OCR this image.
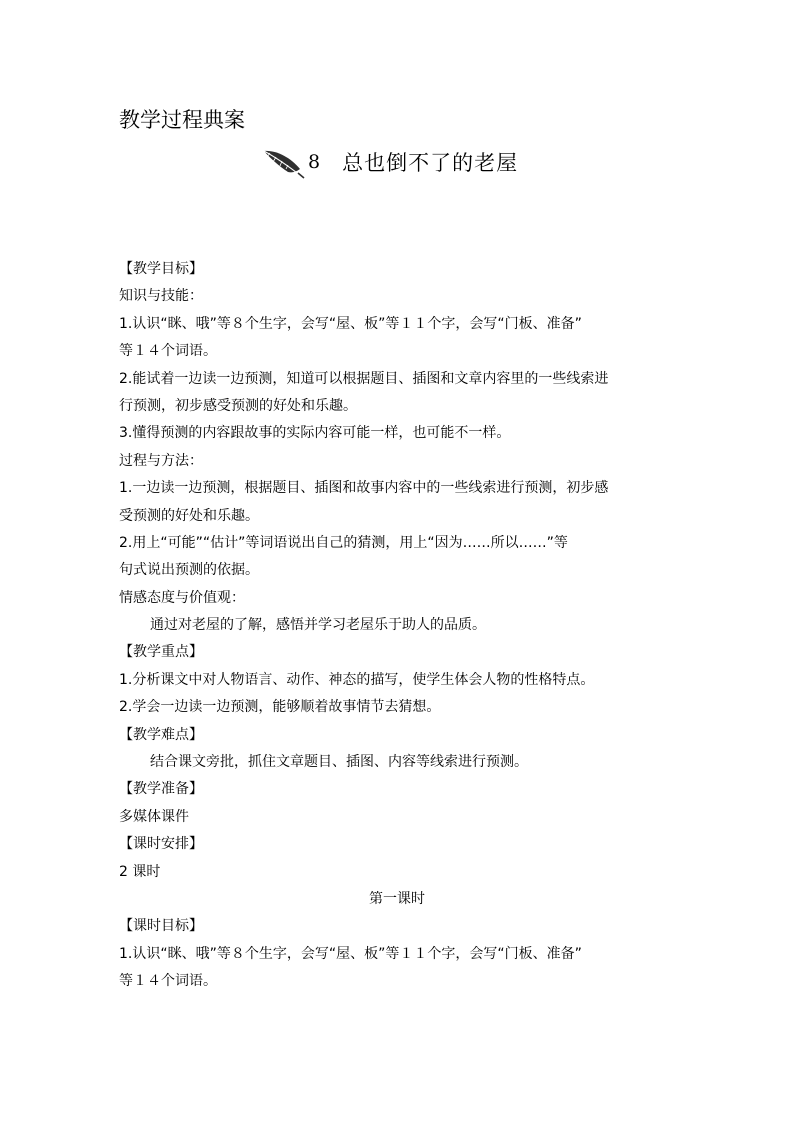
教学过程典案
8 总也倒不了的老屋
【教学目标】
知识与技能：
1.认识“眯、哦”等８个生字，会写“屋、板”等１１个字，会写“门板、准备”
等１４个词语。
2.能试着一边读一边预测，知道可以根据题目、插图和文章内容里的一些线索进
行预测，初步感受预测的好处和乐趣。
3.懂得预测的内容跟故事的实际内容可能一样，也可能不一样。
过程与方法：
1.一边读一边预测，根据题目、插图和故事内容中的一些线索进行预测，初步感
受预测的好处和乐趣。
2.用上“可能”“估计”等词语说出自己的猜测，用上“因为……所以……”等
句式说出预测的依据。
情感态度与价值观：
通过对老屋的了解，感悟并学习老屋乐于助人的品质。
【教学重点】
1.分析课文中对人物语言、动作、神态的描写，使学生体会人物的性格特点。
2.学会一边读一边预测，能够顺着故事情节去猜想。
【教学难点】
结合课文旁批，抓住文章题目、插图、内容等线索进行预测。
【教学准备】
多媒体课件
【课时安排】
2 课时
第一课时
【课时目标】
1.认识“眯、哦”等８个生字，会写“屋、板”等１１个字，会写“门板、准备”
等１４个词语。
